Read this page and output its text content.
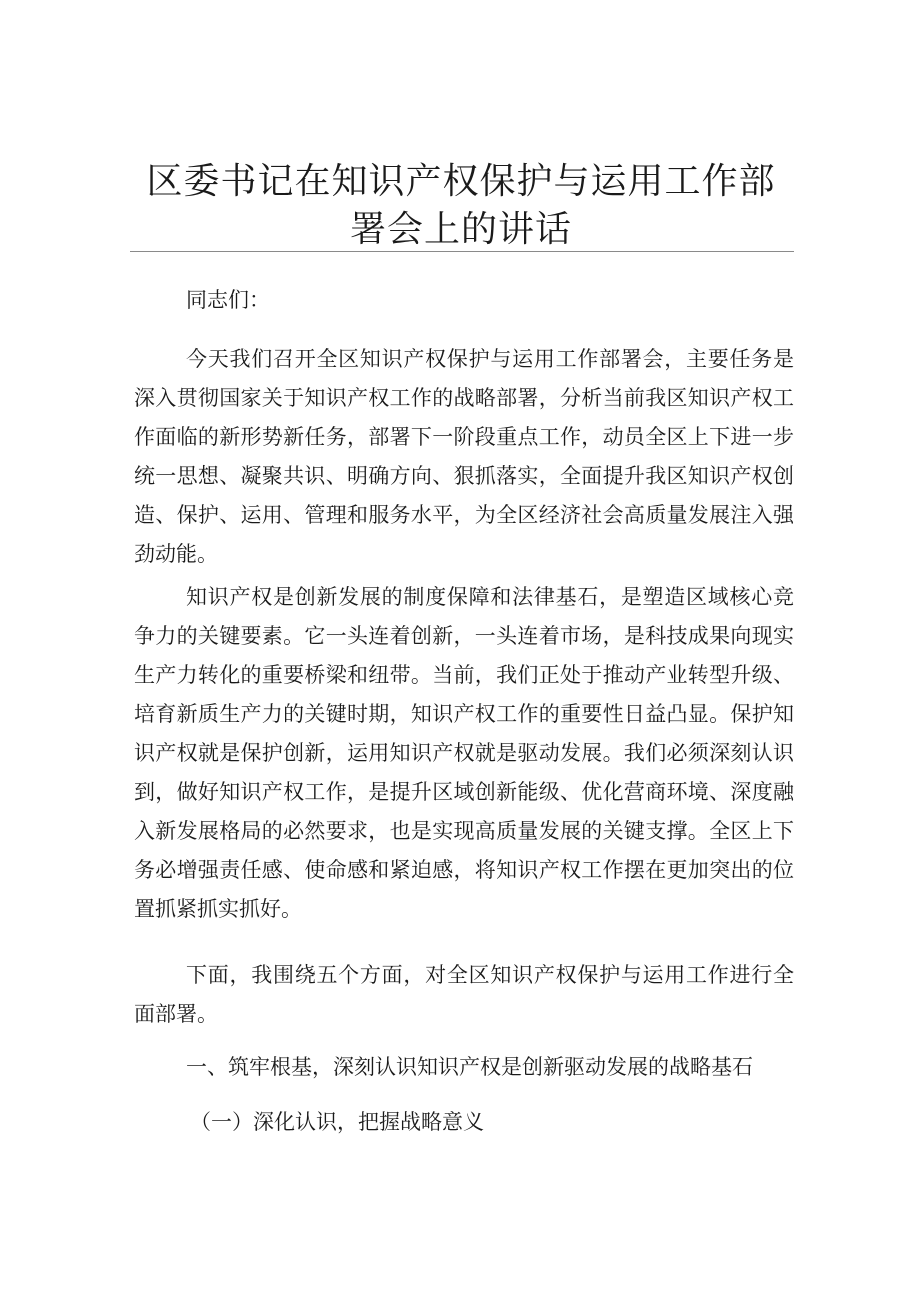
区委书记在知识产权保护与运用工作部署会上的讲话

同志们：

今天我们召开全区知识产权保护与运用工作部署会，主要任务是深入贯彻国家关于知识产权工作的战略部署，分析当前我区知识产权工作面临的新形势新任务，部署下一阶段重点工作，动员全区上下进一步统一思想、凝聚共识、明确方向、狠抓落实，全面提升我区知识产权创造、保护、运用、管理和服务水平，为全区经济社会高质量发展注入强劲动能。

知识产权是创新发展的制度保障和法律基石，是塑造区域核心竞争力的关键要素。它一头连着创新，一头连着市场，是科技成果向现实生产力转化的重要桥梁和纽带。当前，我们正处于推动产业转型升级、培育新质生产力的关键时期，知识产权工作的重要性日益凸显。保护知识产权就是保护创新，运用知识产权就是驱动发展。我们必须深刻认识到，做好知识产权工作，是提升区域创新能级、优化营商环境、深度融入新发展格局的必然要求，也是实现高质量发展的关键支撑。全区上下务必增强责任感、使命感和紧迫感，将知识产权工作摆在更加突出的位置抓紧抓实抓好。

下面，我围绕五个方面，对全区知识产权保护与运用工作进行全面部署。

一、筑牢根基，深刻认识知识产权是创新驱动发展的战略基石

（一）深化认识，把握战略意义
